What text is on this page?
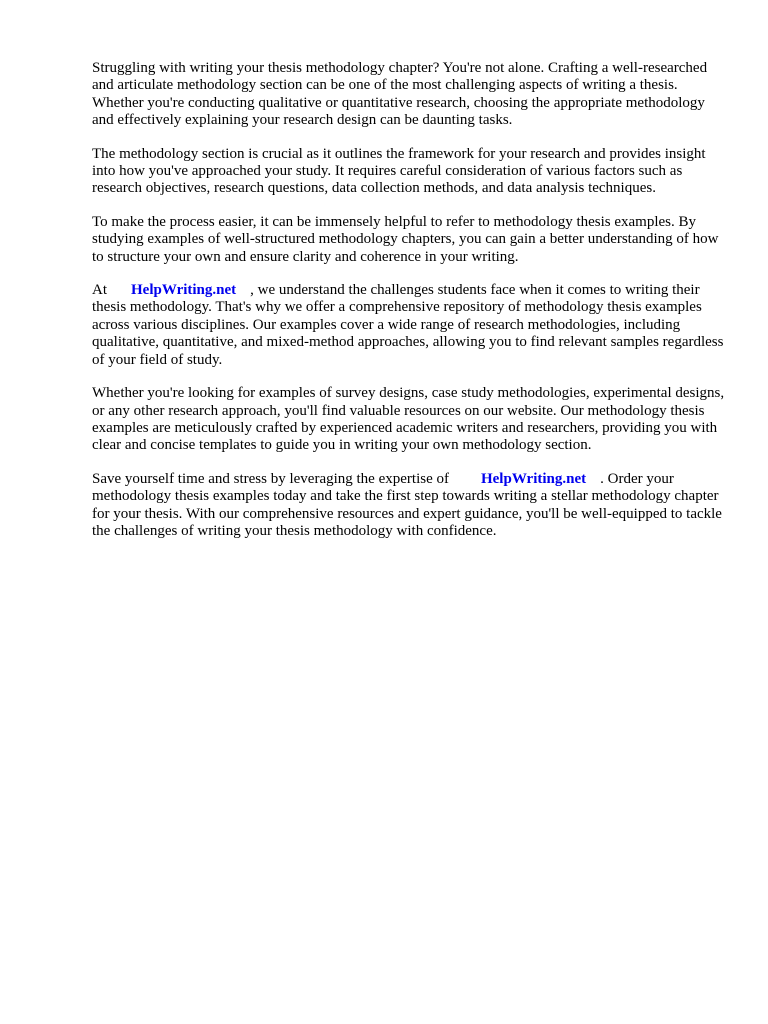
Struggling with writing your thesis methodology chapter? You're not alone. Crafting a well-researched and articulate methodology section can be one of the most challenging aspects of writing a thesis. Whether you're conducting qualitative or quantitative research, choosing the appropriate methodology and effectively explaining your research design can be daunting tasks.

The methodology section is crucial as it outlines the framework for your research and provides insight into how you've approached your study. It requires careful consideration of various factors such as research objectives, research questions, data collection methods, and data analysis techniques.

To make the process easier, it can be immensely helpful to refer to methodology thesis examples. By studying examples of well-structured methodology chapters, you can gain a better understanding of how to structure your own and ensure clarity and coherence in your writing.

At HelpWriting.net , we understand the challenges students face when it comes to writing their thesis methodology. That's why we offer a comprehensive repository of methodology thesis examples across various disciplines. Our examples cover a wide range of research methodologies, including qualitative, quantitative, and mixed-method approaches, allowing you to find relevant samples regardless of your field of study.

Whether you're looking for examples of survey designs, case study methodologies, experimental designs, or any other research approach, you'll find valuable resources on our website. Our methodology thesis examples are meticulously crafted by experienced academic writers and researchers, providing you with clear and concise templates to guide you in writing your own methodology section.

Save yourself time and stress by leveraging the expertise of HelpWriting.net . Order your methodology thesis examples today and take the first step towards writing a stellar methodology chapter for your thesis. With our comprehensive resources and expert guidance, you'll be well-equipped to tackle the challenges of writing your thesis methodology with confidence.
